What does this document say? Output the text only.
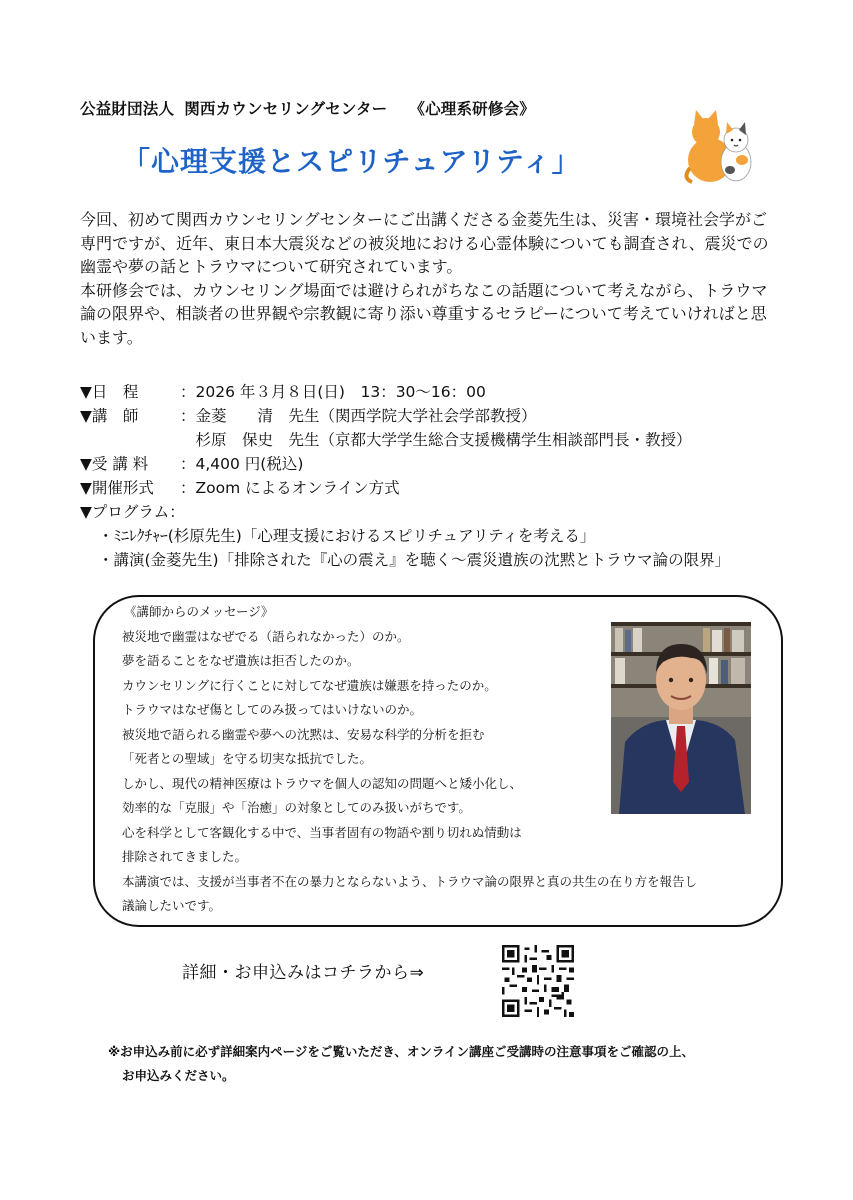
公益財団法人 関西カウンセリングセンター 《心理系研修会》
「心理支援とスピリチュアリティ」

今回、初めて関西カウンセリングセンターにご出講くださる金菱先生は、災害・環境社会学がご専門ですが、近年、東日本大震災などの被災地における心霊体験についても調査され、震災での幽霊や夢の話とトラウマについて研究されています。

本研修会では、カウンセリング場面では避けられがちなこの話題について考えながら、トラウマ論の限界や、相談者の世界観や宗教観に寄り添い尊重するセラピーについて考えていければと思います。

▼日　程	：2026 年３月８日(日)　13：30～16：00
▼講　師	：金菱　　清　先生（関西学院大学社会学部教授）
　杉原　保史　先生（京都大学学生総合支援機構学生相談部門長・教授）
▼受 講 料	：4,400 円(税込)
▼開催形式	：Zoom によるオンライン方式
▼プログラム：
・ﾐﾆﾚｸﾁｬｰ(杉原先生)「心理支援におけるスピリチュアリティを考える」
・講演(金菱先生)「排除された『心の震え』を聴く～震災遺族の沈黙とトラウマ論の限界」
《講師からのメッセージ》
被災地で幽霊はなぜでる（語られなかった）のか。
夢を語ることをなぜ遺族は拒否したのか。
カウンセリングに行くことに対してなぜ遺族は嫌悪を持ったのか。
トラウマはなぜ傷としてのみ扱ってはいけないのか。
被災地で語られる幽霊や夢への沈黙は、安易な科学的分析を拒む
「死者との聖域」を守る切実な抵抗でした。
しかし、現代の精神医療はトラウマを個人の認知の問題へと矮小化し、
効率的な「克服」や「治癒」の対象としてのみ扱いがちです。
心を科学として客観化する中で、当事者固有の物語や割り切れぬ情動は
排除されてきました。
本講演では、支援が当事者不在の暴力とならないよう、トラウマ論の限界と真の共生の在り方を報告し
議論したいです。
詳細・お申込みはコチラから⇒
※お申込み前に必ず詳細案内ページをご覧いただき、オンライン講座ご受講時の注意事項をご確認の上、
お申込みください。
